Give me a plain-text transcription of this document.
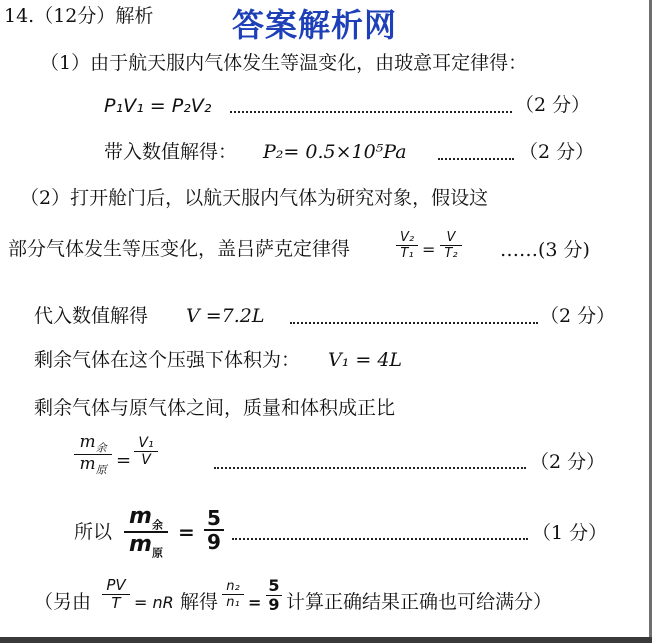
14.（12分）解析 答案解析网
（1）由于航天服内气体发生等温变化，由玻意耳定律得：
P₁V₁ = P₂V₂	（2 分）
带入数值解得： P₂= 0.5×10⁵Pa	（2 分）
（2）打开舱门后，以航天服内气体为研究对象，假设这
部分气体发生等压变化，盖吕萨克定律得
V₂
T₁ =
V
T₂ ……(3 分)
代入数值解得 V =7.2L	（2 分）
剩余气体在这个压强下体积为： V₁ = 4L
剩余气体与原气体之间，质量和体积成正比
$m_余$
$m_原$ =
V₁
V	（2 分）
所以
$m_余$
$m_原$
=
5
9	（1 分）
（另由
PV
T = nR 解得
n₂
n₁ =
5
9 计算正确结果正确也可给满分）
